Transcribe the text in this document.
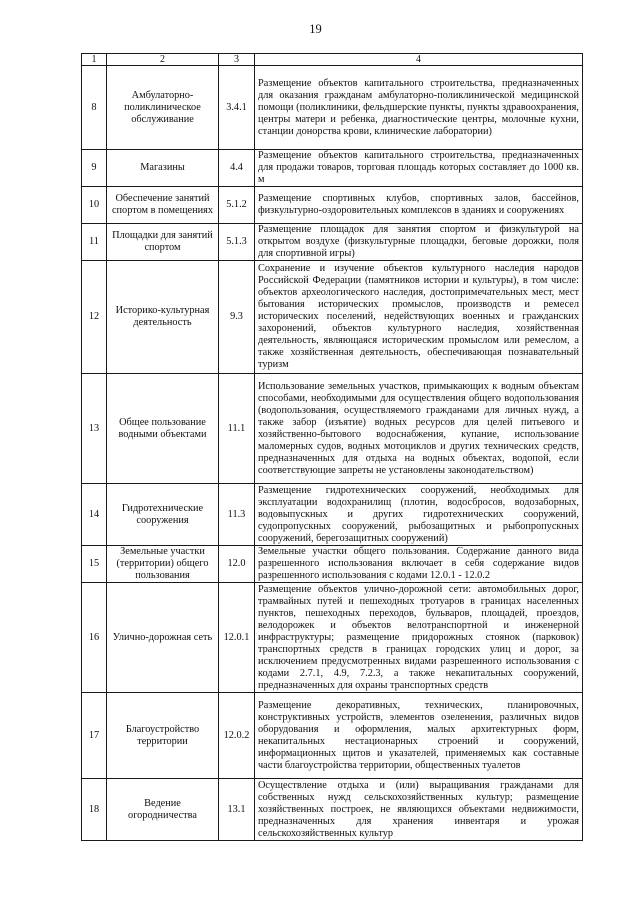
19
1	2	3	4
8	Амбулаторно-поликлиническое обслуживание	3.4.1	Размещение объектов капитального строительства, предназначенных для оказания гражданам амбулаторно-поликлинической медицинской помощи (поликлиники, фельдшерские пункты, пункты здравоохранения, центры матери и ребенка, диагностические центры, молочные кухни, станции донорства крови, клинические лаборатории)
9	Магазины	4.4	Размещение объектов капитального строительства, предназначенных для продажи товаров, торговая площадь которых составляет до 1000 кв. м
10	Обеспечение занятий спортом в помещениях	5.1.2	Размещение спортивных клубов, спортивных залов, бассейнов, физкультурно-оздоровительных комплексов в зданиях и сооружениях
11	Площадки для занятий спортом	5.1.3	Размещение площадок для занятия спортом и физкультурой на открытом воздухе (физкультурные площадки, беговые дорожки, поля для спортивной игры)
12	Историко-культурная деятельность	9.3	Сохранение и изучение объектов культурного наследия народов Российской Федерации (памятников истории и культуры), в том числе: объектов археологического наследия, достопримечательных мест, мест бытования исторических промыслов, производств и ремесел исторических поселений, недействующих военных и гражданских захоронений, объектов культурного наследия, хозяйственная деятельность, являющаяся историческим промыслом или ремеслом, а также хозяйственная деятельность, обеспечивающая познавательный туризм
13	Общее пользование водными объектами	11.1	Использование земельных участков, примыкающих к водным объектам способами, необходимыми для осуществления общего водопользования (водопользования, осуществляемого гражданами для личных нужд, а также забор (изъятие) водных ресурсов для целей питьевого и хозяйственно-бытового водоснабжения, купание, использование маломерных судов, водных мотоциклов и других технических средств, предназначенных для отдыха на водных объектах, водопой, если соответствующие запреты не установлены законодательством)
14	Гидротехнические сооружения	11.3	Размещение гидротехнических сооружений, необходимых для эксплуатации водохранилищ (плотин, водосбросов, водозаборных, водовыпускных и других гидротехнических сооружений, судопропускных сооружений, рыбозащитных и рыбопропускных сооружений, берегозащитных сооружений)
15	Земельные участки (территории) общего пользования	12.0	Земельные участки общего пользования. Содержание данного вида разрешенного использования включает в себя содержание видов разрешенного использования с кодами 12.0.1 - 12.0.2
16	Улично-дорожная сеть	12.0.1	Размещение объектов улично-дорожной сети: автомобильных дорог, трамвайных путей и пешеходных тротуаров в границах населенных пунктов, пешеходных переходов, бульваров, площадей, проездов, велодорожек и объектов велотранспортной и инженерной инфраструктуры; размещение придорожных стоянок (парковок) транспортных средств в границах городских улиц и дорог, за исключением предусмотренных видами разрешенного использования с кодами 2.7.1, 4.9, 7.2.3, а также некапитальных сооружений, предназначенных для охраны транспортных средств
17	Благоустройство территории	12.0.2	Размещение декоративных, технических, планировочных, конструктивных устройств, элементов озеленения, различных видов оборудования и оформления, малых архитектурных форм, некапитальных нестационарных строений и сооружений, информационных щитов и указателей, применяемых как составные части благоустройства территории, общественных туалетов
18	Ведение огородничества	13.1	Осуществление отдыха и (или) выращивания гражданами для собственных нужд сельскохозяйственных культур; размещение хозяйственных построек, не являющихся объектами недвижимости, предназначенных для хранения инвентаря и урожая сельскохозяйственных культур
